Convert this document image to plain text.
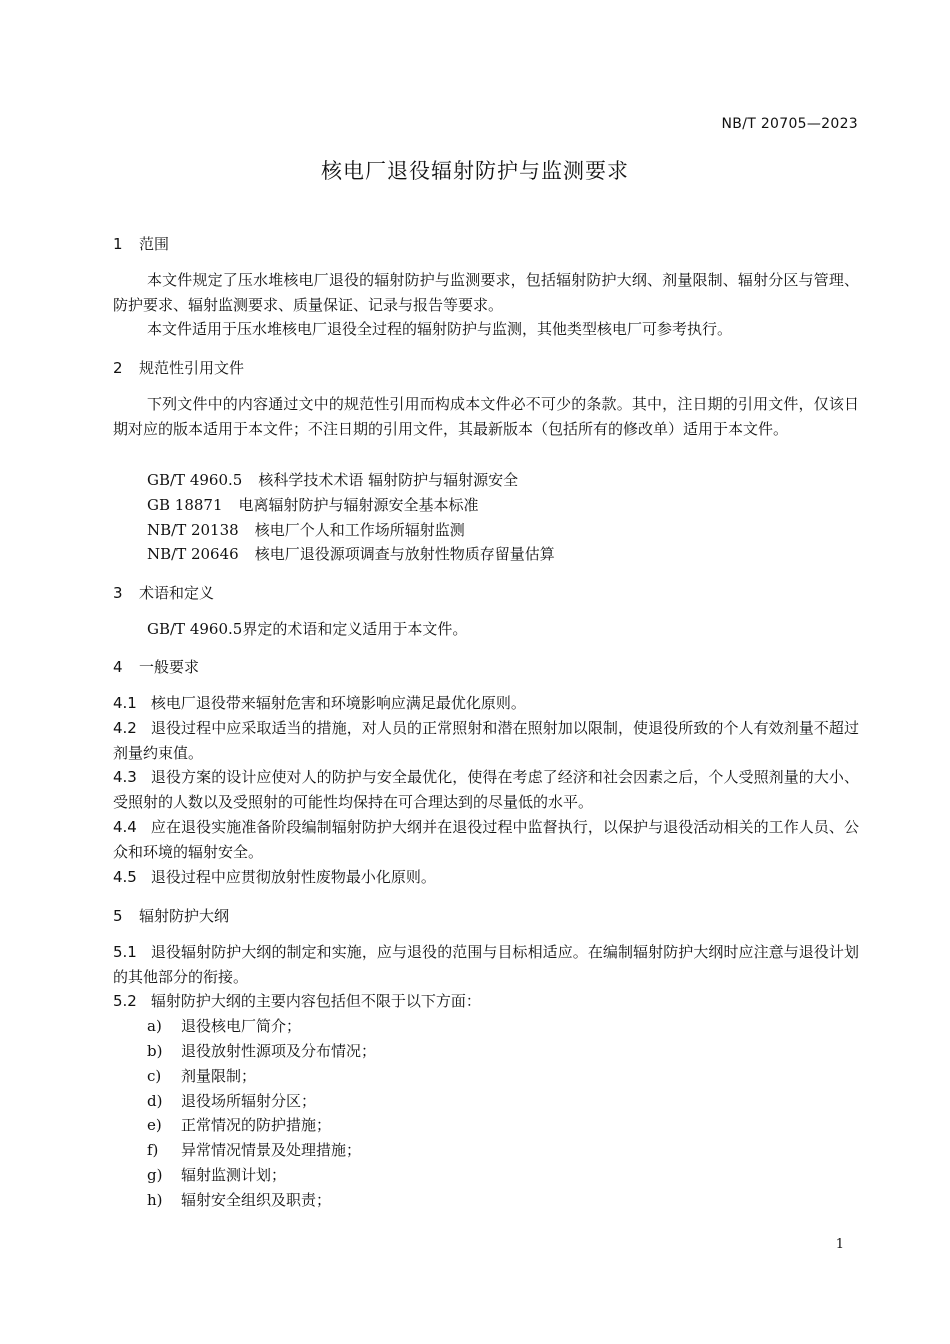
NB/T 20705—2023
核电厂退役辐射防护与监测要求
1 范围
本文件规定了压水堆核电厂退役的辐射防护与监测要求，包括辐射防护大纲、剂量限制、辐射分区与管理、防护要求、辐射监测要求、质量保证、记录与报告等要求。
本文件适用于压水堆核电厂退役全过程的辐射防护与监测，其他类型核电厂可参考执行。
2 规范性引用文件
下列文件中的内容通过文中的规范性引用而构成本文件必不可少的条款。其中，注日期的引用文件，仅该日期对应的版本适用于本文件；不注日期的引用文件，其最新版本（包括所有的修改单）适用于本文件。
GB/T 4960.5 核科学技术术语 辐射防护与辐射源安全
GB 18871 电离辐射防护与辐射源安全基本标准
NB/T 20138 核电厂个人和工作场所辐射监测
NB/T 20646 核电厂退役源项调查与放射性物质存留量估算
3 术语和定义
GB/T 4960.5界定的术语和定义适用于本文件。
4 一般要求
4.1 核电厂退役带来辐射危害和环境影响应满足最优化原则。
4.2 退役过程中应采取适当的措施，对人员的正常照射和潜在照射加以限制，使退役所致的个人有效剂量不超过剂量约束值。
4.3 退役方案的设计应使对人的防护与安全最优化，使得在考虑了经济和社会因素之后，个人受照剂量的大小、受照射的人数以及受照射的可能性均保持在可合理达到的尽量低的水平。
4.4 应在退役实施准备阶段编制辐射防护大纲并在退役过程中监督执行，以保护与退役活动相关的工作人员、公众和环境的辐射安全。
4.5 退役过程中应贯彻放射性废物最小化原则。
5 辐射防护大纲
5.1 退役辐射防护大纲的制定和实施，应与退役的范围与目标相适应。在编制辐射防护大纲时应注意与退役计划的其他部分的衔接。
5.2 辐射防护大纲的主要内容包括但不限于以下方面：
a) 退役核电厂简介；
b) 退役放射性源项及分布情况；
c) 剂量限制；
d) 退役场所辐射分区；
e) 正常情况的防护措施；
f) 异常情况情景及处理措施；
g) 辐射监测计划；
h) 辐射安全组织及职责；
1
